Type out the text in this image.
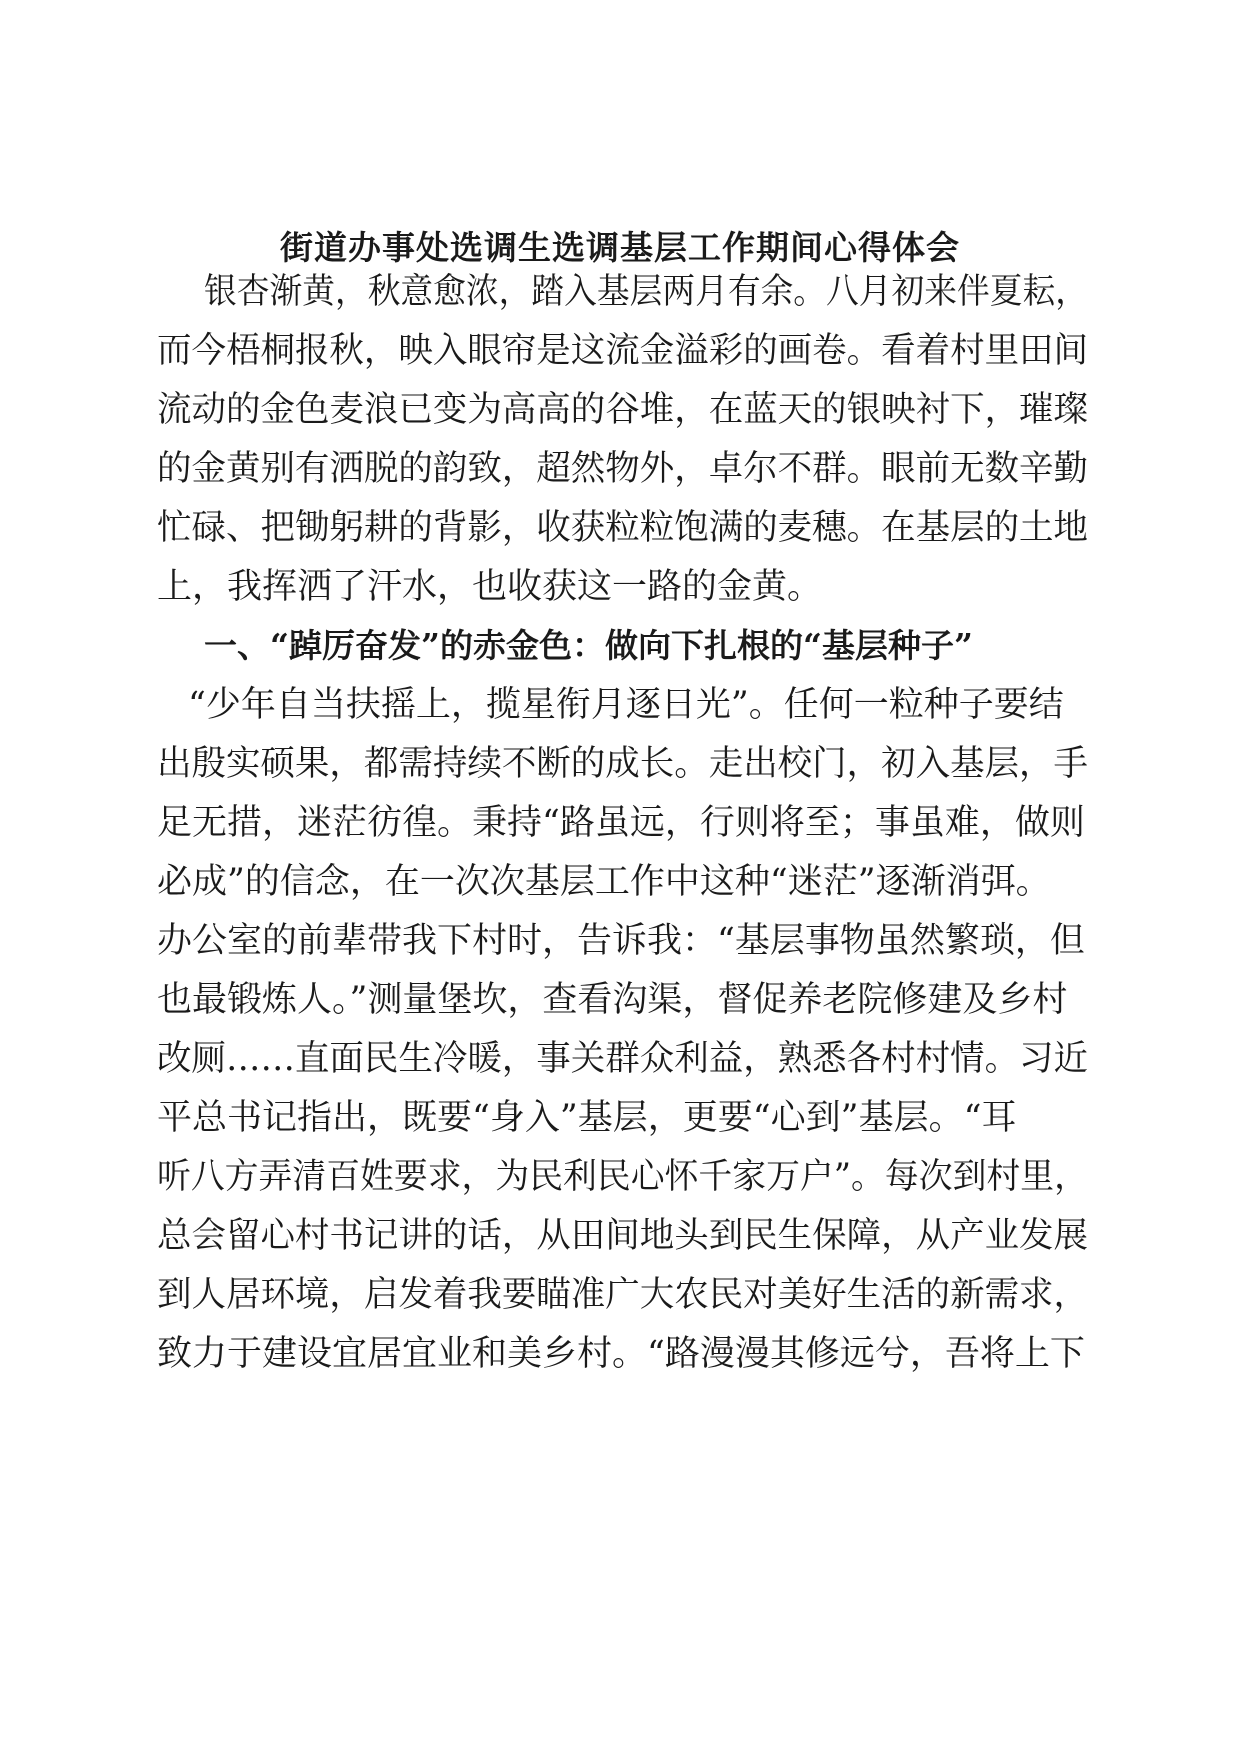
街道办事处选调生选调基层工作期间心得体会

银杏渐黄，秋意愈浓，踏入基层两月有余。八月初来伴夏耘，

而今梧桐报秋，映入眼帘是这流金溢彩的画卷。看着村里田间

流动的金色麦浪已变为高高的谷堆，在蓝天的银映衬下，璀璨

的金黄别有洒脱的韵致，超然物外，卓尔不群。眼前无数辛勤

忙碌、把锄躬耕的背影，收获粒粒饱满的麦穗。在基层的土地

上，我挥洒了汗水，也收获这一路的金黄。

一、“踔厉奋发”的赤金色：做向下扎根的“基层种子”

“少年自当扶摇上，揽星衔月逐日光”。任何一粒种子要结

出殷实硕果，都需持续不断的成长。走出校门，初入基层，手

足无措，迷茫彷徨。秉持“路虽远，行则将至；事虽难，做则

必成”的信念，在一次次基层工作中这种“迷茫”逐渐消弭。

办公室的前辈带我下村时，告诉我：“基层事物虽然繁琐，但

也最锻炼人。”测量堡坎，查看沟渠，督促养老院修建及乡村

改厕……直面民生冷暖，事关群众利益，熟悉各村村情。习近

平总书记指出，既要“身入”基层，更要“心到”基层。“耳

听八方弄清百姓要求，为民利民心怀千家万户”。每次到村里，

总会留心村书记讲的话，从田间地头到民生保障，从产业发展

到人居环境，启发着我要瞄准广大农民对美好生活的新需求，

致力于建设宜居宜业和美乡村。“路漫漫其修远兮，吾将上下
